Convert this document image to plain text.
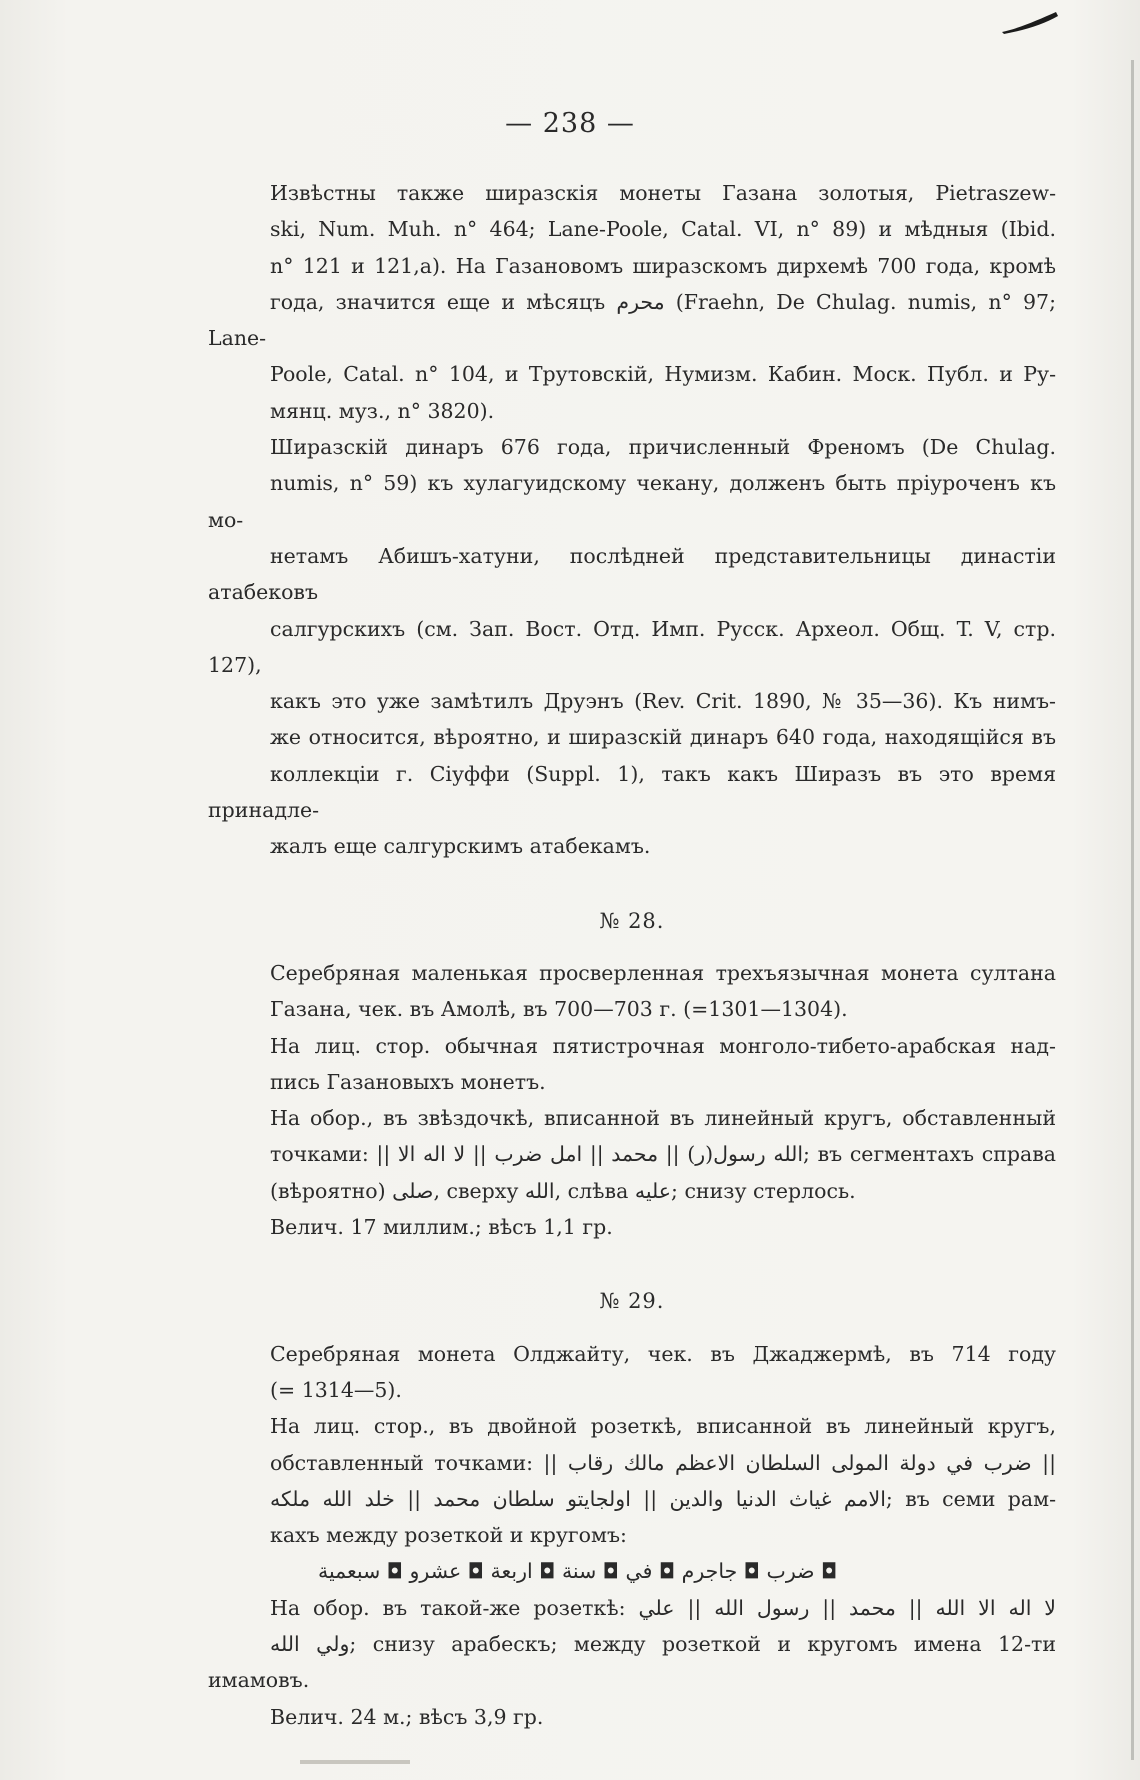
— 238 —

Извѣстны также ширазскія монеты Газана золотыя, Pietraszew-
ski, Num. Muh. n° 464; Lane-Poole, Catal. VI, n° 89) и мѣдныя (Ibid.
n° 121 и 121,а). На Газановомъ ширазскомъ дирхемѣ 700 года, кромѣ
года, значится еще и мѣсяцъ محرم (Fraehn, De Chulag. numis, n° 97; Lane-
Poole, Catal. n° 104, и Трутовскій, Нумизм. Кабин. Моск. Публ. и Ру-
мянц. муз., n° 3820).

Ширазскій динаръ 676 года, причисленный Френомъ (De Chulag.
numis, n° 59) къ хулагуидскому чекану, долженъ быть пріуроченъ къ мо-
нетамъ Абишъ-хатуни, послѣдней представительницы династіи атабековъ
салгурскихъ (см. Зап. Вост. Отд. Имп. Русск. Археол. Общ. T. V, стр. 127),
какъ это уже замѣтилъ Друэнъ (Rev. Crit. 1890, № 35—36). Къ нимъ-
же относится, вѣроятно, и ширазскій динаръ 640 года, находящійся въ
коллекціи г. Сіуффи (Suppl. 1), такъ какъ Ширазъ въ это время принадле-
жалъ еще салгурскимъ атабекамъ.

№ 28.

Серебряная маленькая просверленная трехъязычная монета султана
Газана, чек. въ Амолѣ, въ 700—703 г. (=1301—1304).

На лиц. стор. обычная пятистрочная монголо-тибето-арабская над-
пись Газановыхъ монетъ.

На обор., въ звѣздочкѣ, вписанной въ линейный кругъ, обставленный
точками: || الله رسول(ر) || محمد || امل ضرب || لا اله الا; въ сегментахъ справа
(вѣроятно) صلى, сверху الله, слѣва عليه; снизу стерлось.

Велич. 17 миллим.; вѣсъ 1,1 гр.

№ 29.

Серебряная монета Олджайту, чек. въ Джаджермѣ, въ 714 году
(= 1314—5).

На лиц. стор., въ двойной розеткѣ, вписанной въ линейный кругъ,
обставленный точками: || ضرب في دولة المولى السلطان الاعظم مالك رقاب ||
الامم غياث الدنيا والدين || اولجايتو سلطان محمد || خلد الله ملكه; въ семи рам-
кахъ между розеткой и кругомъ:

ضرب ◘ جاجرم ◘ في ◘ سنة ◘ اربعة ◘ عشرو ◘ سبعمية ◘

На обор. въ такой-же розеткѣ: لا اله الا الله || محمد || رسول الله || علي
ولي الله; снизу арабескъ; между розеткой и кругомъ имена 12-ти имамовъ.

Велич. 24 м.; вѣсъ 3,9 гр.
